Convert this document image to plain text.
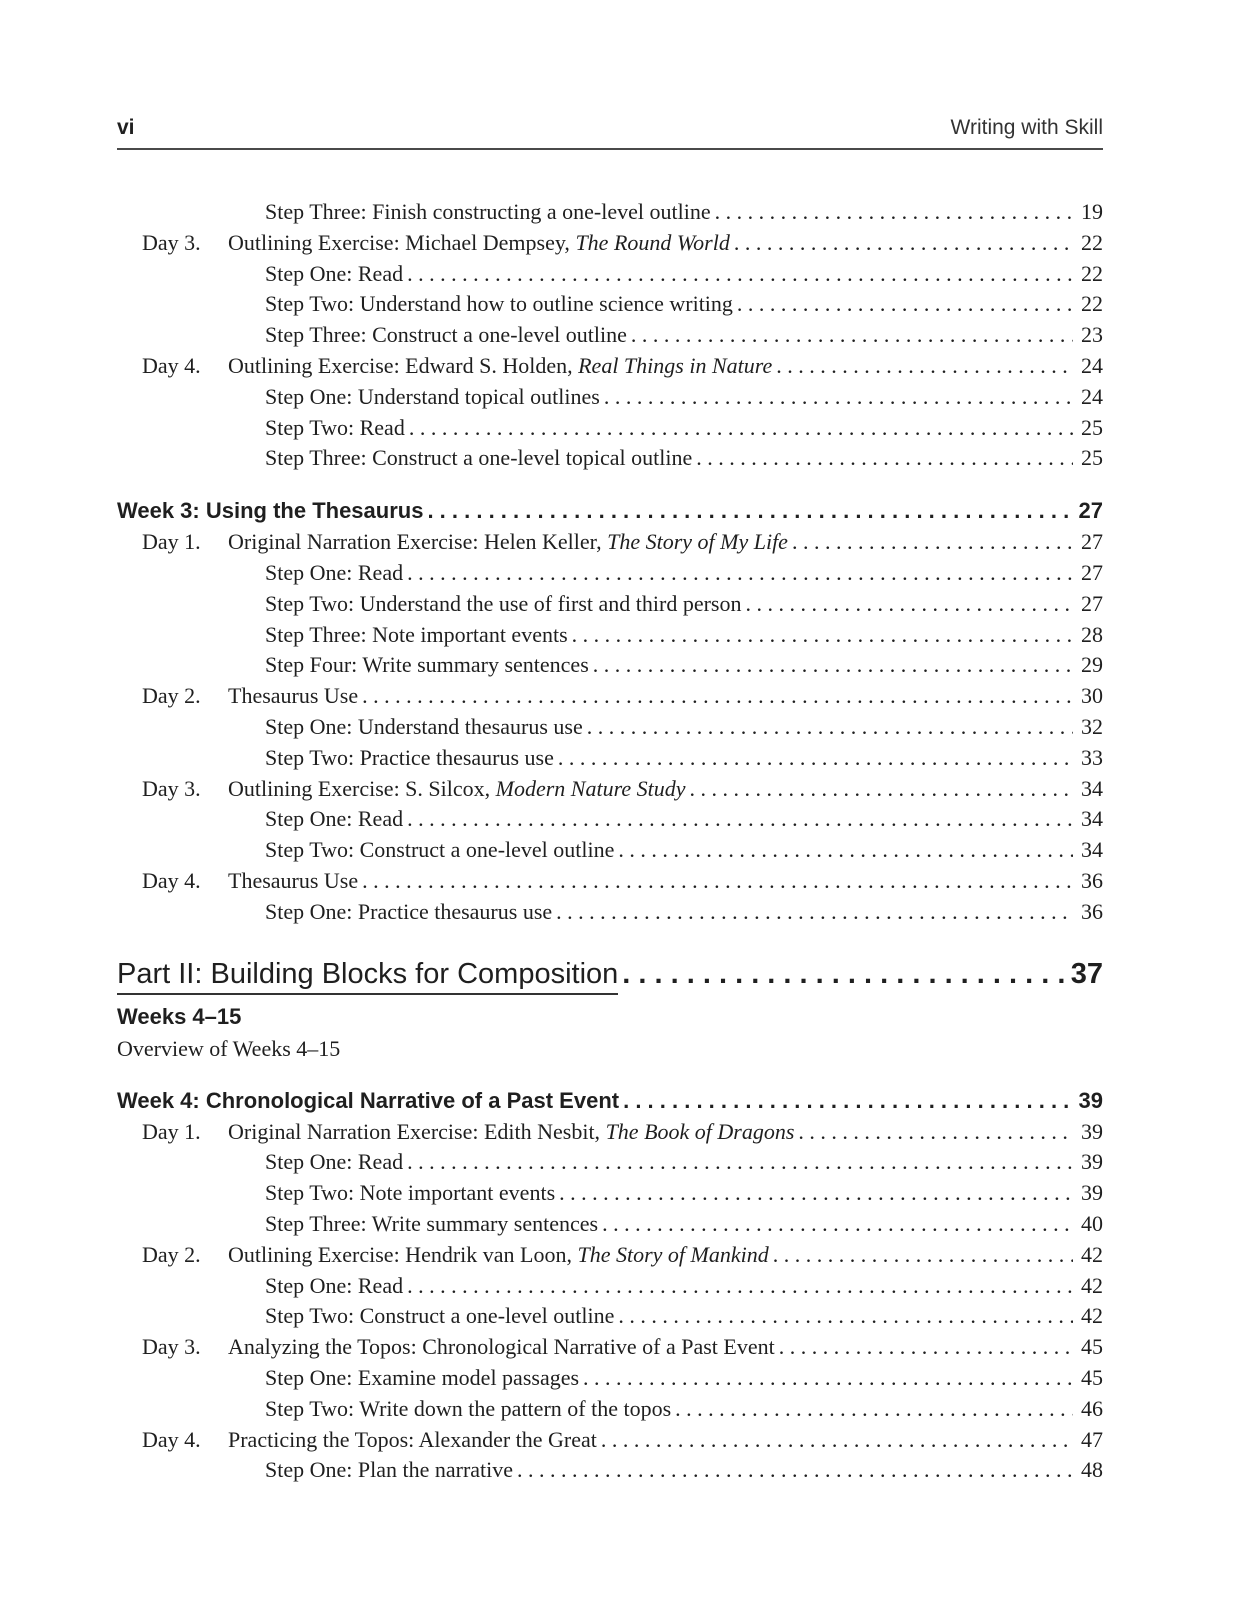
vi	Writing with Skill
Step Three: Finish constructing a one-level outline . . .	19
Day 3.	Outlining Exercise: Michael Dempsey, The Round World . . .	22
Step One: Read . . .	22
Step Two: Understand how to outline science writing . . .	22
Step Three: Construct a one-level outline . . .	23
Day 4.	Outlining Exercise: Edward S. Holden, Real Things in Nature . . .	24
Step One: Understand topical outlines . . .	24
Step Two: Read . . .	25
Step Three: Construct a one-level topical outline . . .	25
Week 3: Using the Thesaurus . . .	27
Day 1.	Original Narration Exercise: Helen Keller, The Story of My Life . . .	27
Step One: Read . . .	27
Step Two: Understand the use of first and third person . . .	27
Step Three: Note important events . . .	28
Step Four: Write summary sentences . . .	29
Day 2.	Thesaurus Use . . .	30
Step One: Understand thesaurus use . . .	32
Step Two: Practice thesaurus use . . .	33
Day 3.	Outlining Exercise: S. Silcox, Modern Nature Study . . .	34
Step One: Read . . .	34
Step Two: Construct a one-level outline . . .	34
Day 4.	Thesaurus Use . . .	36
Step One: Practice thesaurus use . . .	36
Part II: Building Blocks for Composition . . .	37
Weeks 4–15
Overview of Weeks 4–15
Week 4: Chronological Narrative of a Past Event . . .	39
Day 1.	Original Narration Exercise: Edith Nesbit, The Book of Dragons . . .	39
Step One: Read . . .	39
Step Two: Note important events . . .	39
Step Three: Write summary sentences . . .	40
Day 2.	Outlining Exercise: Hendrik van Loon, The Story of Mankind . . .	42
Step One: Read . . .	42
Step Two: Construct a one-level outline . . .	42
Day 3.	Analyzing the Topos: Chronological Narrative of a Past Event . . .	45
Step One: Examine model passages . . .	45
Step Two: Write down the pattern of the topos . . .	46
Day 4.	Practicing the Topos: Alexander the Great . . .	47
Step One: Plan the narrative . . .	48
